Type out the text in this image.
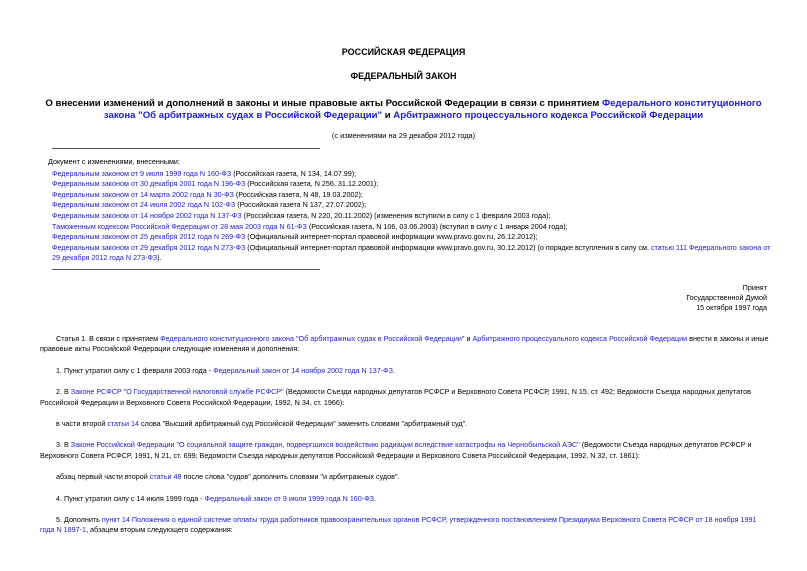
РОССИЙСКАЯ ФЕДЕРАЦИЯ
ФЕДЕРАЛЬНЫЙ ЗАКОН
О внесении изменений и дополнений в законы и иные правовые акты Российской Федерации в связи с принятием Федерального конституционного закона "Об арбитражных судах в Российской Федерации" и Арбитражного процессуального кодекса Российской Федерации
(с изменениями на 29 декабря 2012 года)
Документ с изменениями, внесенными:
Федеральным законом от 9 июля 1999 года N 160-ФЗ (Российская газета, N 134, 14.07.99);
Федеральным законом от 30 декабря 2001 года N 196-ФЗ (Российская газета, N 256, 31.12.2001);
Федеральным законом от 14 марта 2002 года N 30-ФЗ (Российская газета, N 48, 19.03.2002);
Федеральным законом от 24 июля 2002 года N 102-ФЗ (Российская газета N 137, 27.07.2002);
Федеральным законом от 14 ноября 2002 года N 137-ФЗ (Российская газета, N 220, 20.11.2002) (изменения вступили в силу с 1 февраля 2003 года);
Таможенным кодексом Российской Федерации от 28 мая 2003 года N 61-ФЗ (Российская газета, N 106, 03.06.2003) (вступил в силу с 1 января 2004 года);
Федеральным законом от 25 декабря 2012 года N 269-ФЗ (Официальный интернет-портал правовой информации www.pravo.gov.ru, 26.12.2012);
Федеральным законом от 29 декабря 2012 года N 273-ФЗ (Официальный интернет-портал правовой информации www.pravo.gov.ru, 30.12.2012) (о порядке вступления в силу см. статью 111 Федерального закона от 29 декабря 2012 года N 273-ФЗ).
Принят
Государственной Думой
15 октября 1997 года

Статья 1. В связи с принятием Федерального конституционного закона "Об арбитражных судах в Российской Федерации" и Арбитражного процессуального кодекса Российской Федерации внести в законы и иные правовые акты Российской Федерации следующие изменения и дополнения:

1. Пункт утратил силу с 1 февраля 2003 года - Федеральный закон от 14 ноября 2002 года N 137-ФЗ.

2. В Законе РСФСР "О Государственной налоговой службе РСФСР" (Ведомости Съезда народных депутатов РСФСР и Верховного Совета РСФСР, 1991, N 15, ст. 492; Ведомости Съезда народных депутатов Российской Федерации и Верховного Совета Российской Федерации, 1992, N 34, ст. 1966):

в части второй статьи 14 слова "Высший арбитражный суд Российской Федерации" заменить словами "арбитражный суд".

3. В Законе Российской Федерации "О социальной защите граждан, подвергшихся воздействию радиации вследствие катастрофы на Чернобыльской АЭС" (Ведомости Съезда народных депутатов РСФСР и Верховного Совета РСФСР, 1991, N 21, ст. 699; Ведомости Съезда народных депутатов Российской Федерации и Верховного Совета Российской Федерации, 1992, N 32, ст. 1861):

абзац первый части второй статьи 48 после слова "судов" дополнить словами "и арбитражных судов".

4. Пункт утратил силу с 14 июля 1999 года - Федеральный закон от 9 июля 1999 года N 160-ФЗ.

5. Дополнить пункт 14 Положения о единой системе оплаты труда работников правоохранительных органов РСФСР, утвержденного постановлением Президиума Верховного Совета РСФСР от 18 ноября 1991 года N 1897-1, абзацем вторым следующего содержания:
